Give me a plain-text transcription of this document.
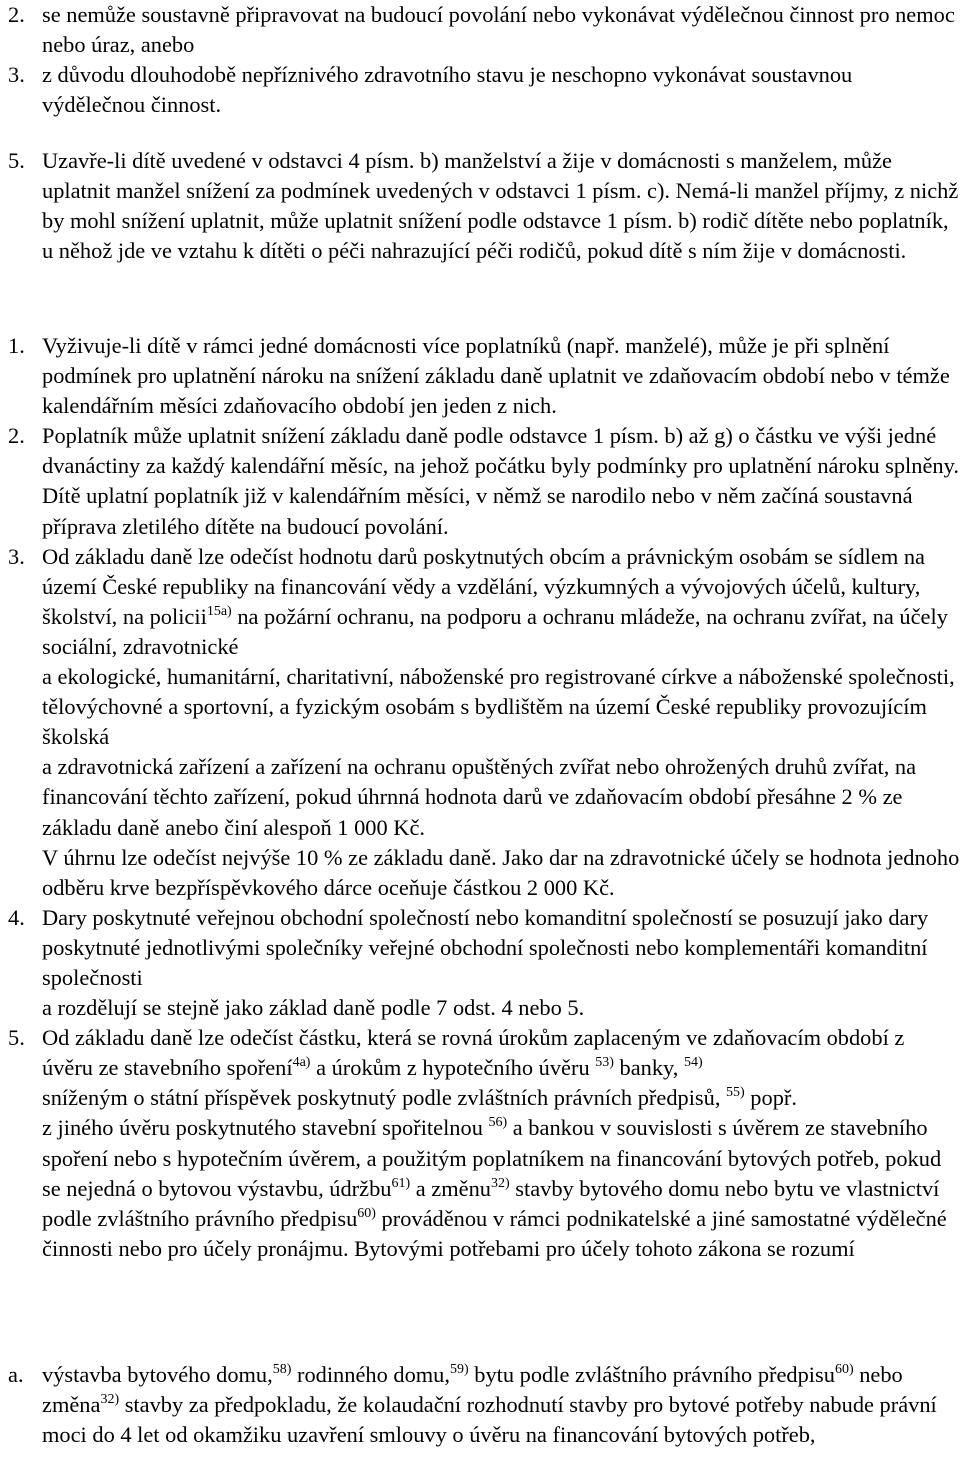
2. se nemůže soustavně připravovat na budoucí povolání nebo vykonávat výdělečnou činnost pro nemoc nebo úraz, anebo
3. z důvodu dlouhodobě nepříznivého zdravotního stavu je neschopno vykonávat soustavnou výdělečnou činnost.
5. Uzavře-li dítě uvedené v odstavci 4 písm. b) manželství a žije v domácnosti s manželem, může uplatnit manžel snížení za podmínek uvedených v odstavci 1 písm. c). Nemá-li manžel příjmy, z nichž by mohl snížení uplatnit, může uplatnit snížení podle odstavce 1 písm. b) rodič dítěte nebo poplatník, u něhož jde ve vztahu k dítěti o péči nahrazující péči rodičů, pokud dítě s ním žije v domácnosti.
1. Vyživuje-li dítě v rámci jedné domácnosti více poplatníků (např. manželé), může je při splnění podmínek pro uplatnění nároku na snížení základu daně uplatnit ve zdaňovacím období nebo v témže kalendářním měsíci zdaňovacího období jen jeden z nich.
2. Poplatník může uplatnit snížení základu daně podle odstavce 1 písm. b) až g) o částku ve výši jedné dvanáctiny za každý kalendářní měsíc, na jehož počátku byly podmínky pro uplatnění nároku splněny. Dítě uplatní poplatník již v kalendářním měsíci, v němž se narodilo nebo v něm začíná soustavná příprava zletilého dítěte na budoucí povolání.
3. Od základu daně lze odečíst hodnotu darů poskytnutých obcím a právnickým osobám se sídlem na území České republiky na financování vědy a vzdělání, výzkumných a vývojových účelů, kultury, školství, na policii$^{15a)}$ na požární ochranu, na podporu a ochranu mládeže, na ochranu zvířat, na účely sociální, zdravotnické
a ekologické, humanitární, charitativní, náboženské pro registrované církve a náboženské společnosti, tělovýchovné a sportovní, a fyzickým osobám s bydlištěm na území České republiky provozujícím školská
a zdravotnická zařízení a zařízení na ochranu opuštěných zvířat nebo ohrožených druhů zvířat, na financování těchto zařízení, pokud úhrnná hodnota darů ve zdaňovacím období přesáhne 2 % ze základu daně anebo činí alespoň 1 000 Kč.
V úhrnu lze odečíst nejvýše 10 % ze základu daně. Jako dar na zdravotnické účely se hodnota jednoho odběru krve bezpříspěvkového dárce oceňuje částkou 2 000 Kč.
4. Dary poskytnuté veřejnou obchodní společností nebo komanditní společností se posuzují jako dary poskytnuté jednotlivými společníky veřejné obchodní společnosti nebo komplementáři komanditní společnosti
a rozdělují se stejně jako základ daně podle 7 odst. 4 nebo 5.
5. Od základu daně lze odečíst částku, která se rovná úrokům zaplaceným ve zdaňovacím období z úvěru ze stavebního spoření$^{4a)}$ a úrokům z hypotečního úvěru $^{53)}$ banky, $^{54)}$
sníženým o státní příspěvek poskytnutý podle zvláštních právních předpisů, $^{55)}$ popř.
z jiného úvěru poskytnutého stavební spořitelnou $^{56)}$ a bankou v souvislosti s úvěrem ze stavebního spoření nebo s hypotečním úvěrem, a použitým poplatníkem na financování bytových potřeb, pokud se nejedná o bytovou výstavbu, údržbu$^{61)}$ a změnu$^{32)}$ stavby bytového domu nebo bytu ve vlastnictví podle zvláštního právního předpisu$^{60)}$ prováděnou v rámci podnikatelské a jiné samostatné výdělečné činnosti nebo pro účely pronájmu. Bytovými potřebami pro účely tohoto zákona se rozumí
a. výstavba bytového domu,$^{58)}$ rodinného domu,$^{59)}$ bytu podle zvláštního právního předpisu$^{60)}$ nebo změna$^{32)}$ stavby za předpokladu, že kolaudační rozhodnutí stavby pro bytové potřeby nabude právní moci do 4 let od okamžiku uzavření smlouvy o úvěru na financování bytových potřeb,
